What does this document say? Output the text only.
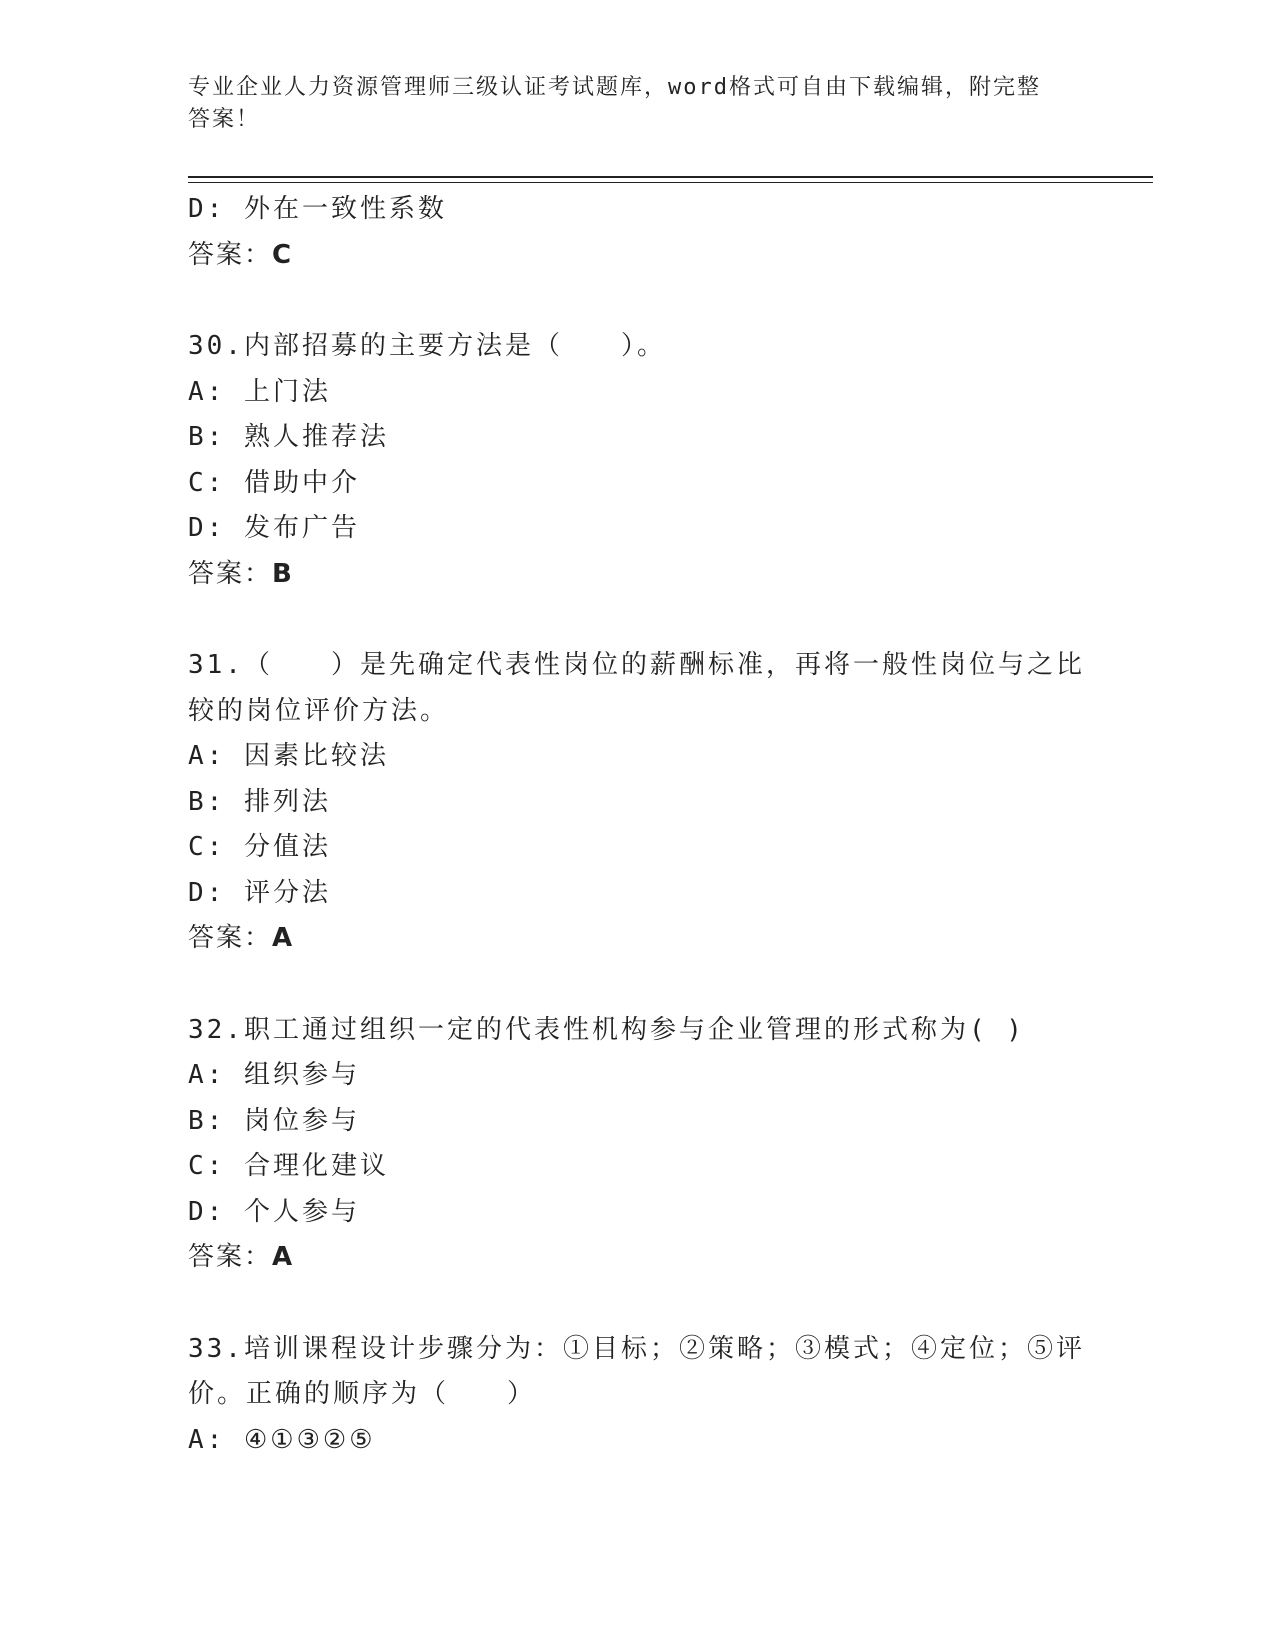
专业企业人力资源管理师三级认证考试题库，word格式可自由下载编辑，附完整
答案！
D: 外在一致性系数
答案：C
30.内部招募的主要方法是（　　）。
A: 上门法
B: 熟人推荐法
C: 借助中介
D: 发布广告
答案：B
31.（　　）是先确定代表性岗位的薪酬标准，再将一般性岗位与之比
较的岗位评价方法。
A: 因素比较法
B: 排列法
C: 分值法
D: 评分法
答案：A
32.职工通过组织一定的代表性机构参与企业管理的形式称为( )
A: 组织参与
B: 岗位参与
C: 合理化建议
D: 个人参与
答案：A
33.培训课程设计步骤分为：①目标；②策略；③模式；④定位；⑤评
价。正确的顺序为（　　）
A: ④①③②⑤
